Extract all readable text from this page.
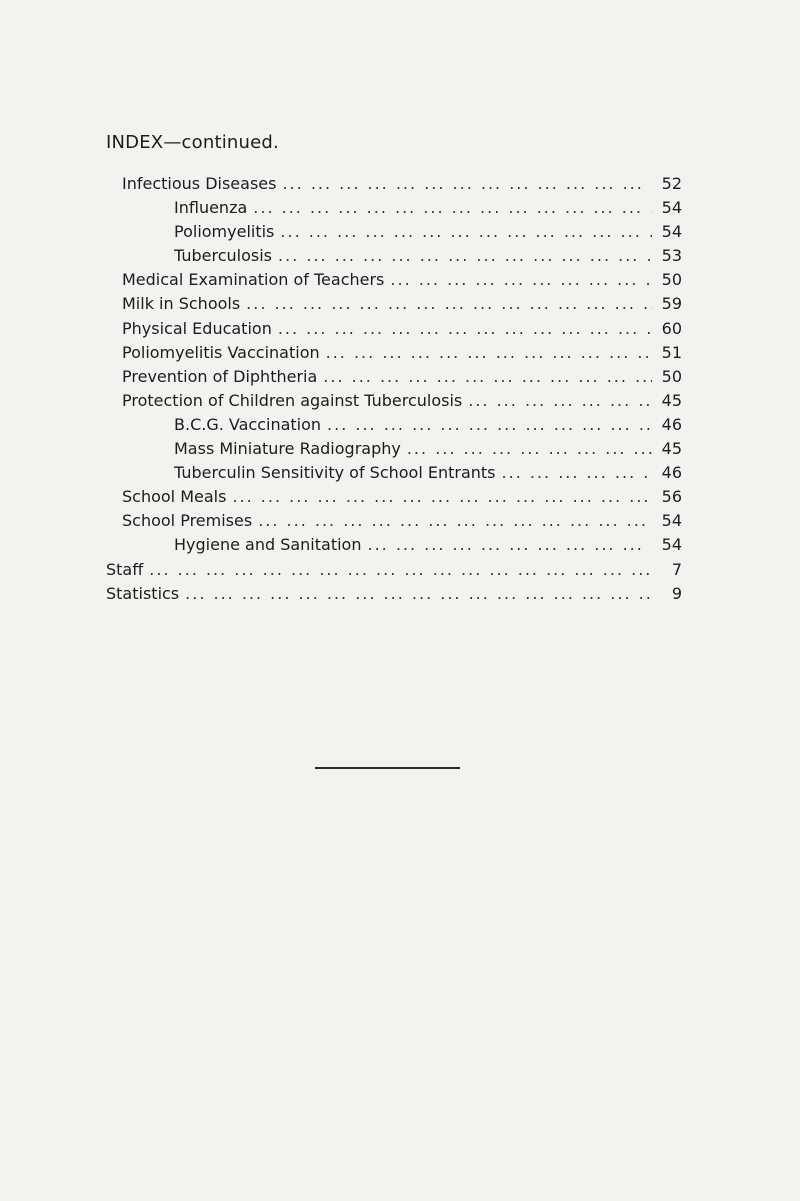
INDEX—continued.
Infectious Diseases ... .	52
Influenza ... .	54
Poliomyelitis ... .	54
Tuberculosis ... .	53
Medical Examination of Teachers ... .	50
Milk in Schools ... .	59
Physical Education ... .	60
Poliomyelitis Vaccination ... .	51
Prevention of Diphtheria ... .	50
Protection of Children against Tuberculosis ... .	45
B.C.G. Vaccination ... .	46
Mass Miniature Radiography ... .	45
Tuberculin Sensitivity of School Entrants ... .	46
School Meals ... .	56
School Premises ... .	54
Hygiene and Sanitation ... .	54
Staff ... .	7
Statistics ... .	9
